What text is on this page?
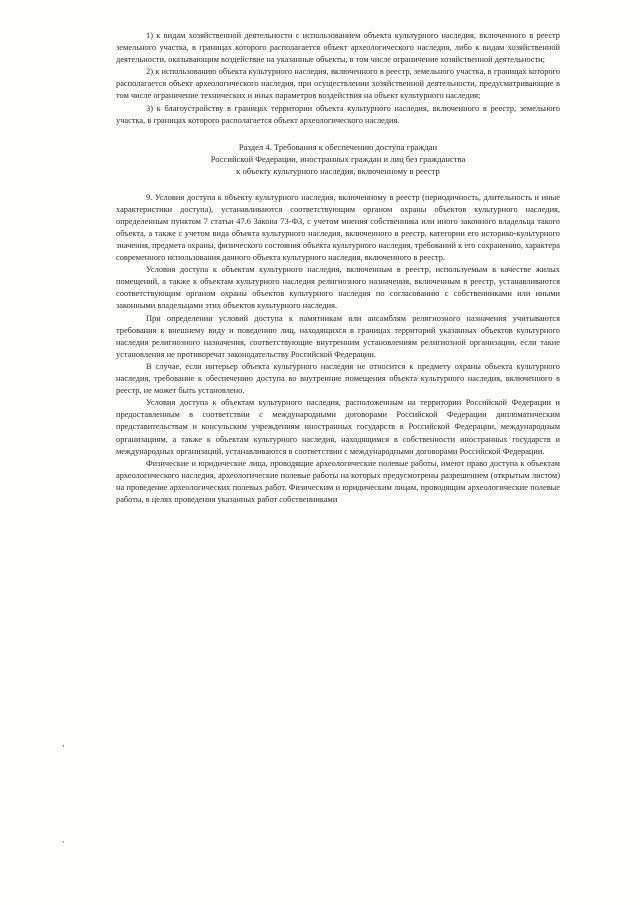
1) к видам хозяйственной деятельности с использованием объекта культурного наследия, включенного в реестр земельного участка, в границах которого располагается объект археологического наследия, либо к видам хозяйственной деятельности, оказывающим воздействие на указанные объекты, в том числе ограничение хозяйственной деятельности;

2) к использованию объекта культурного наследия, включенного в реестр, земельного участка, в границах которого располагается объект археологического наследия, при осуществлении хозяйственной деятельности, предусматривающие в том числе ограничение технических и иных параметров воздействия на объект культурного наследия;

3) к благоустройству в границах территории объекта культурного наследия, включенного в реестр, земельного участка, в границах которого располагается объект археологического наследия.

Раздел 4. Требования к обеспечению доступа граждан
Российской Федерации, иностранных граждан и лиц без гражданства
к объекту культурного наследия, включенному в реестр

9. Условия доступа к объекту культурного наследия, включенному в реестр (периодичность, длительность и иные характеристики доступа), устанавливаются соответствующим органом охраны объектов культурного наследия, определенным пунктом 7 статьи 47.6 Закона 73-ФЗ, с учетом мнения собственника или иного законного владельца такого объекта, а также с учетом вида объекта культурного наследия, включенного в реестр, категории его историко-культурного значения, предмета охраны, физического состояния объекта культурного наследия, требований к его сохранению, характера современного использования данного объекта культурного наследия, включенного в реестр.

Условия доступа к объектам культурного наследия, включенным в реестр, используемым в качестве жилых помещений, а также к объектам культурного наследия религиозного назначения, включенным в реестр, устанавливаются соответствующим органом охраны объектов культурного наследия по согласованию с собственниками или иными законными владельцами этих объектов культурного наследия.

При определении условий доступа к памятникам или ансамблям религиозного назначения учитываются требования к внешнему виду и поведению лиц, находящихся в границах территорий указанных объектов культурного наследия религиозного назначения, соответствующие внутренним установлениям религиозной организации, если такие установления не противоречат законодательству Российской Федерации.

В случае, если интерьер объекта культурного наследия не относится к предмету охраны объекта культурного наследия, требование к обеспечению доступа во внутренние помещения объекта культурного наследия, включенного в реестр, не может быть установлено.

Условия доступа к объектам культурного наследия, расположенным на территории Российской Федерации и предоставленным в соответствии с международными договорами Российской Федерации дипломатическим представительствам и консульским учреждениям иностранных государств в Российской Федерации, международным организациям, а также к объектам культурного наследия, находящимся в собственности иностранных государств и международных организаций, устанавливаются в соответствии с международными договорами Российской Федерации.

Физические и юридические лица, проводящие археологические полевые работы, имеют право доступа к объектам археологического наследия, археологические полевые работы на которых предусмотрены разрешением (открытым листом) на проведение археологических полевых работ. Физическим и юридическим лицам, проводящим археологические полевые работы, в целях проведения указанных работ собственниками
